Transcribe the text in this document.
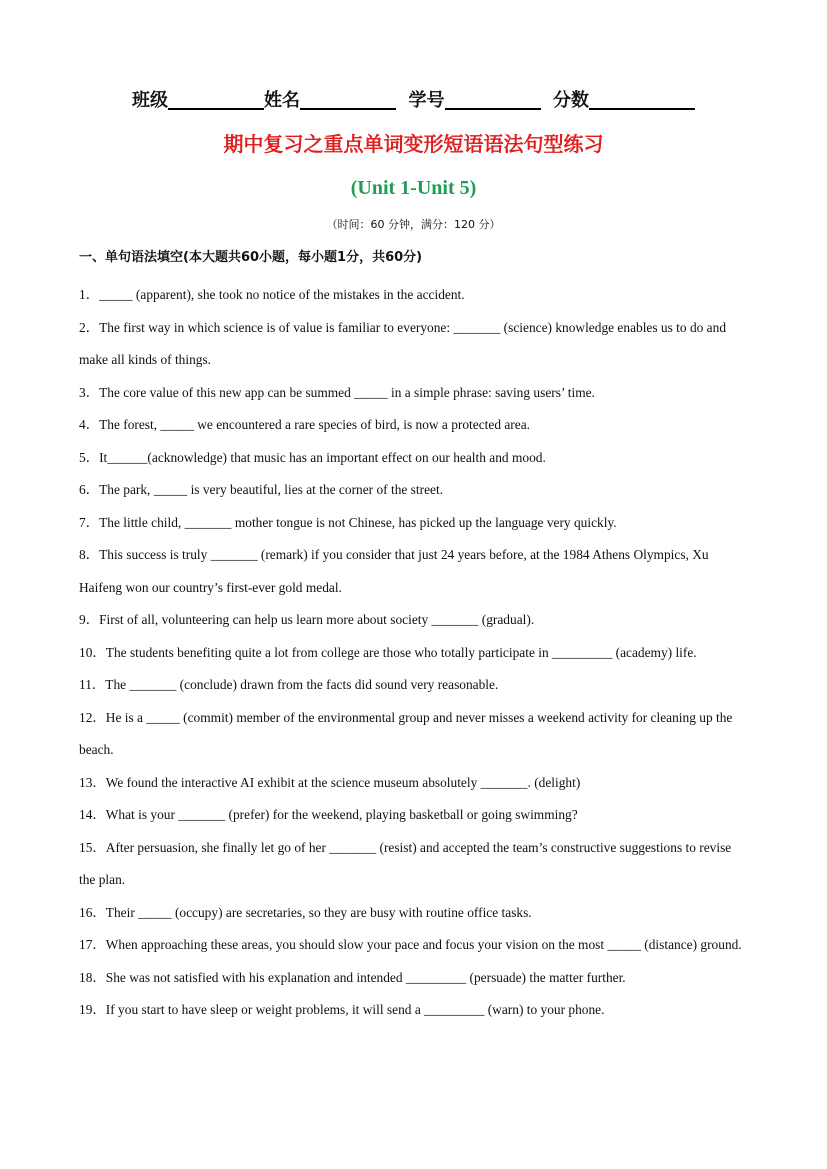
班级	姓名	学号	分数
期中复习之重点单词变形短语语法句型练习
(Unit 1-Unit 5)
（时间：60 分钟，满分：120 分）
一、单句语法填空(本大题共60小题，每小题1分，共60分)

1．_____ (apparent), she took no notice of the mistakes in the accident.

2．The first way in which science is of value is familiar to everyone: _______ (science) knowledge enables us to do and make all kinds of things.

3．The core value of this new app can be summed _____ in a simple phrase: saving users’ time.

4．The forest, _____ we encountered a rare species of bird, is now a protected area.

5．It______(acknowledge) that music has an important effect on our health and mood.

6．The park, _____ is very beautiful, lies at the corner of the street.

7．The little child, _______ mother tongue is not Chinese, has picked up the language very quickly.

8．This success is truly _______ (remark) if you consider that just 24 years before, at the 1984 Athens Olympics, Xu Haifeng won our country’s first-ever gold medal.

9．First of all, volunteering can help us learn more about society _______ (gradual).

10．The students benefiting quite a lot from college are those who totally participate in _________ (academy) life.

11．The _______ (conclude) drawn from the facts did sound very reasonable.

12．He is a _____ (commit) member of the environmental group and never misses a weekend activity for cleaning up the beach.

13．We found the interactive AI exhibit at the science museum absolutely _______. (delight)

14．What is your _______ (prefer) for the weekend, playing basketball or going swimming?

15．After persuasion, she finally let go of her _______ (resist) and accepted the team’s constructive suggestions to revise the plan.

16．Their _____ (occupy) are secretaries, so they are busy with routine office tasks.

17．When approaching these areas, you should slow your pace and focus your vision on the most _____ (distance) ground.

18．She was not satisfied with his explanation and intended _________ (persuade) the matter further.

19．If you start to have sleep or weight problems, it will send a _________ (warn) to your phone.
